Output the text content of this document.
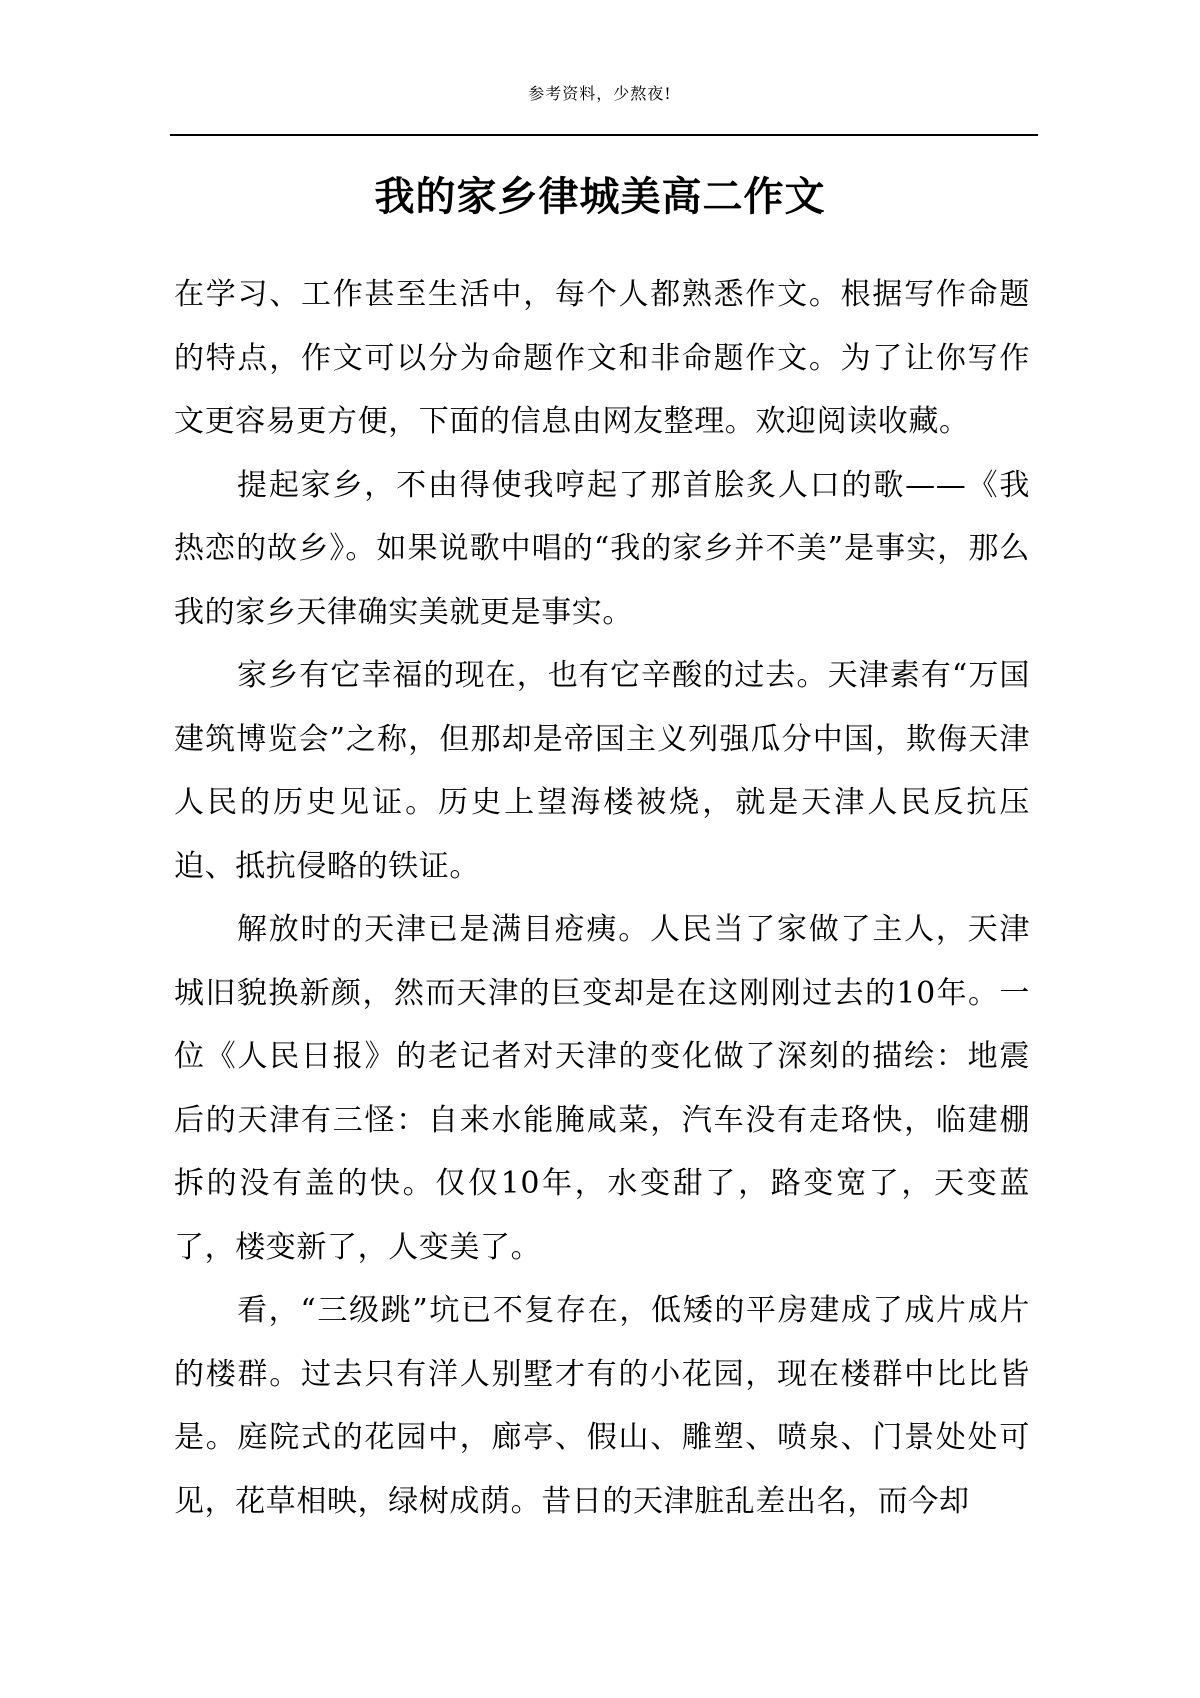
参考资料，少熬夜!
我的家乡律城美高二作文

在学习、工作甚至生活中，每个人都熟悉作文。根据写作命题的特点，作文可以分为命题作文和非命题作文。为了让你写作文更容易更方便，下面的信息由网友整理。欢迎阅读收藏。

提起家乡，不由得使我哼起了那首脍炙人口的歌——《我热恋的故乡》。如果说歌中唱的“我的家乡并不美”是事实，那么我的家乡天律确实美就更是事实。

家乡有它幸福的现在，也有它辛酸的过去。天津素有“万国建筑博览会”之称，但那却是帝国主义列强瓜分中国，欺侮天津人民的历史见证。历史上望海楼被烧，就是天津人民反抗压迫、抵抗侵略的铁证。

解放时的天津已是满目疮痍。人民当了家做了主人，天津城旧貌换新颜，然而天津的巨变却是在这刚刚过去的10年。一位《人民日报》的老记者对天津的变化做了深刻的描绘：地震后的天津有三怪：自来水能腌咸菜，汽车没有走珞快，临建棚拆的没有盖的快。仅仅10年，水变甜了，路变宽了，天变蓝了，楼变新了，人变美了。

看，“三级跳”坑已不复存在，低矮的平房建成了成片成片的楼群。过去只有洋人别墅才有的小花园，现在楼群中比比皆是。庭院式的花园中，廊亭、假山、雕塑、喷泉、门景处处可见，花草相映，绿树成荫。昔日的天津脏乱差出名，而今却
